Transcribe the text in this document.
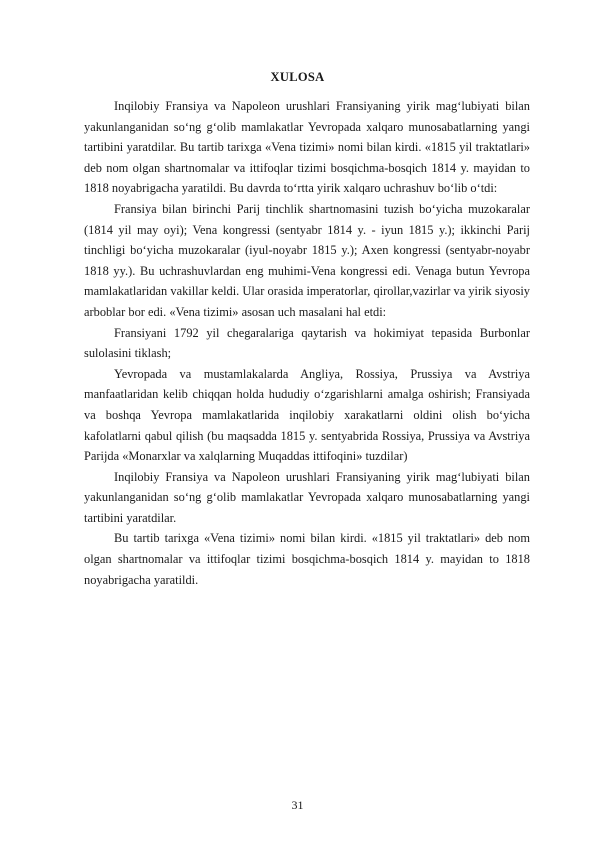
XULOSA

Inqilobiy Fransiya va Napoleon urushlari Fransiyaning yirik mag‘lubiyati bilan yakunlanganidan so‘ng g‘olib mamlakatlar Yevropada xalqaro munosabatlarning yangi tartibini yaratdilar. Bu tartib tarixga «Vena tizimi» nomi bilan kirdi. «1815 yil traktatlari» deb nom olgan shartnomalar va ittifoqlar tizimi bosqichma-bosqich 1814 y. mayidan to 1818 noyabrigacha yaratildi. Bu davrda to‘rtta yirik xalqaro uchrashuv bo‘lib o‘tdi:

Fransiya bilan birinchi Parij tinchlik shartnomasini tuzish bo‘yicha muzokaralar (1814 yil may oyi); Vena kongressi (sentyabr 1814 y. - iyun 1815 y.); ikkinchi Parij tinchligi bo‘yicha muzokaralar (iyul-noyabr 1815 y.); Axen kongressi (sentyabr-noyabr 1818 yy.). Bu uchrashuvlardan eng muhimi-Vena kongressi edi. Venaga butun Yevropa mamlakatlaridan vakillar keldi. Ular orasida imperatorlar, qirollar,vazirlar va yirik siyosiy arboblar bor edi. «Vena tizimi» asosan uch masalani hal etdi:

Fransiyani 1792 yil chegaralariga qaytarish va hokimiyat tepasida Burbonlar sulolasini tiklash;

Yevropada va mustamlakalarda Angliya, Rossiya, Prussiya va Avstriya manfaatlaridan kelib chiqqan holda hududiy o‘zgarishlarni amalga oshirish; Fransiyada va boshqa Yevropa mamlakatlarida inqilobiy xarakatlarni oldini olish bo‘yicha kafolatlarni qabul qilish (bu maqsadda 1815 y. sentyabrida Rossiya, Prussiya va Avstriya Parijda «Monarxlar va xalqlarning Muqaddas ittifoqini» tuzdilar)

Inqilobiy Fransiya va Napoleon urushlari Fransiyaning yirik mag‘lubiyati bilan yakunlanganidan so‘ng g‘olib mamlakatlar Yevropada xalqaro munosabatlarning yangi tartibini yaratdilar.

Bu tartib tarixga «Vena tizimi» nomi bilan kirdi. «1815 yil traktatlari» deb nom olgan shartnomalar va ittifoqlar tizimi bosqichma-bosqich 1814 y. mayidan to 1818 noyabrigacha yaratildi.

31
